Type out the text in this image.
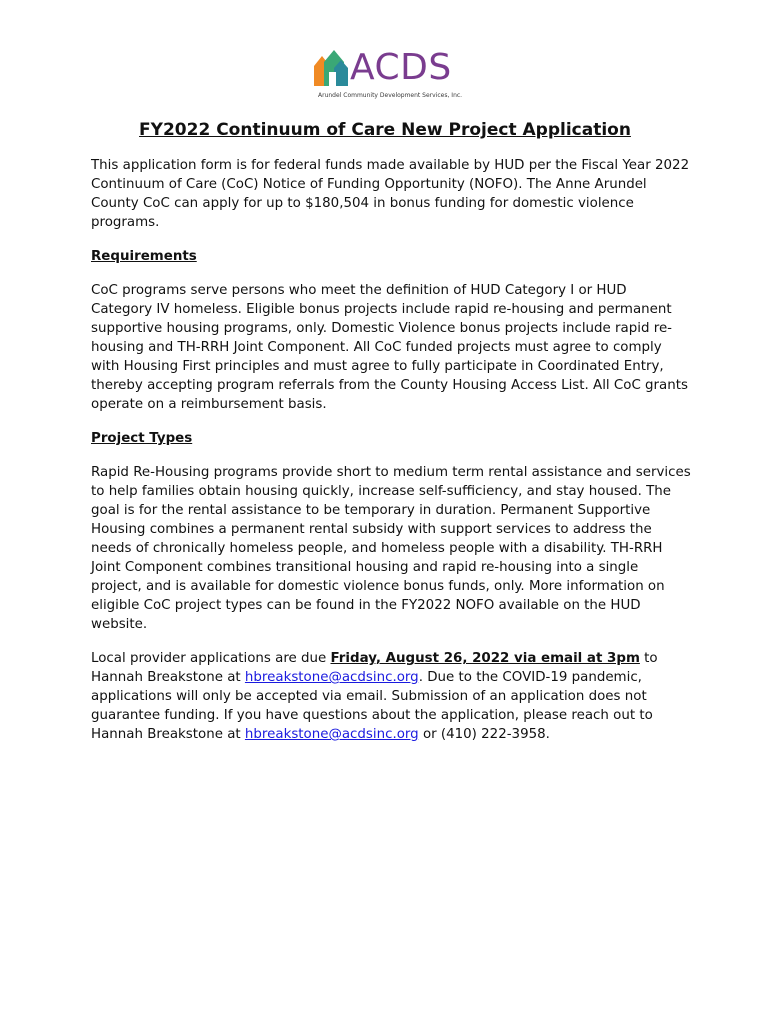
ACDS
Arundel Community Development Services, Inc.
FY2022 Continuum of Care New Project Application

This application form is for federal funds made available by HUD per the Fiscal Year 2022 Continuum of Care (CoC) Notice of Funding Opportunity (NOFO). The Anne Arundel County CoC can apply for up to $180,504 in bonus funding for domestic violence programs.

Requirements

CoC programs serve persons who meet the definition of HUD Category I or HUD Category IV homeless. Eligible bonus projects include rapid re-housing and permanent supportive housing programs, only. Domestic Violence bonus projects include rapid re-housing and TH-RRH Joint Component. All CoC funded projects must agree to comply with Housing First principles and must agree to fully participate in Coordinated Entry, thereby accepting program referrals from the County Housing Access List. All CoC grants operate on a reimbursement basis.

Project Types

Rapid Re-Housing programs provide short to medium term rental assistance and services to help families obtain housing quickly, increase self-sufficiency, and stay housed. The goal is for the rental assistance to be temporary in duration. Permanent Supportive Housing combines a permanent rental subsidy with support services to address the needs of chronically homeless people, and homeless people with a disability. TH-RRH Joint Component combines transitional housing and rapid re-housing into a single project, and is available for domestic violence bonus funds, only. More information on eligible CoC project types can be found in the FY2022 NOFO available on the HUD website.

Local provider applications are due Friday, August 26, 2022 via email at 3pm to Hannah Breakstone at hbreakstone@acdsinc.org. Due to the COVID-19 pandemic, applications will only be accepted via email. Submission of an application does not guarantee funding. If you have questions about the application, please reach out to Hannah Breakstone at hbreakstone@acdsinc.org or (410) 222-3958.
